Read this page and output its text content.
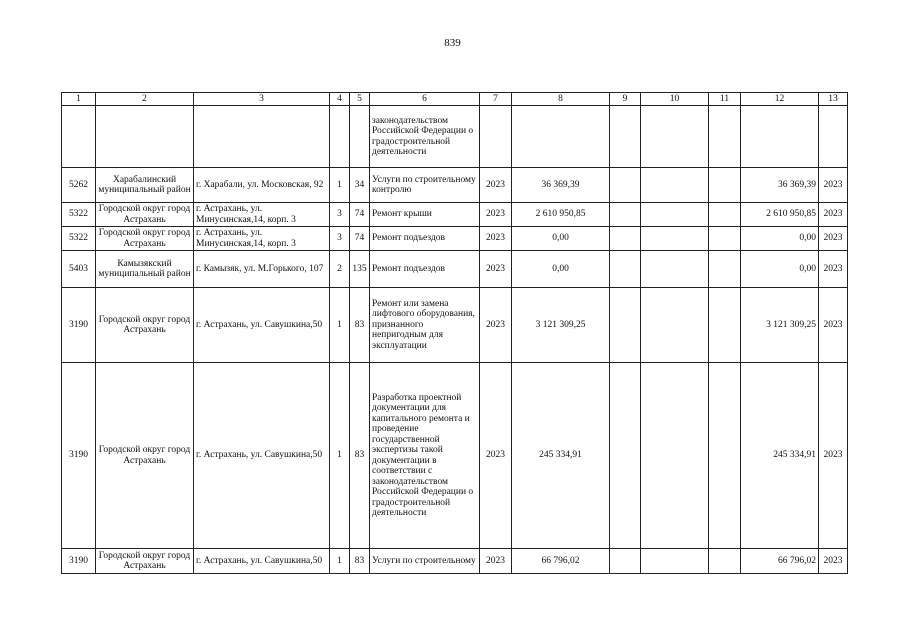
839
1	2	3	4	5	6	7	8	9	10	11	12	13
					законодательством Российской Федерации о градостроительной деятельности							
5262	Харабалинский муниципальный район	г. Харабали, ул. Московская, 92	1	34	Услуги по строительному контролю	2023	36 369,39				36 369,39	2023
5322	Городской округ город Астрахань	г. Астрахань, ул. Минусинская,14, корп. 3	3	74	Ремонт крыши	2023	2 610 950,85				2 610 950,85	2023
5322	Городской округ город Астрахань	г. Астрахань, ул. Минусинская,14, корп. 3	3	74	Ремонт подъездов	2023	0,00				0,00	2023
5403	Камызякский муниципальный район	г. Камызяк, ул. М.Горького, 107	2	135	Ремонт подъездов	2023	0,00				0,00	2023
3190	Городской округ город Астрахань	г. Астрахань, ул. Савушкина,50	1	83	Ремонт или замена лифтового оборудования, признанного непригодным для эксплуатации	2023	3 121 309,25				3 121 309,25	2023
3190	Городской округ город Астрахань	г. Астрахань, ул. Савушкина,50	1	83	Разработка проектной документации для капитального ремонта и проведение государственной экспертизы такой документации в соответствии с законодательством Российской Федерации о градостроительной деятельности	2023	245 334,91				245 334,91	2023
3190	Городской округ город Астрахань	г. Астрахань, ул. Савушкина,50	1	83	Услуги по строительному	2023	66 796,02				66 796,02	2023
